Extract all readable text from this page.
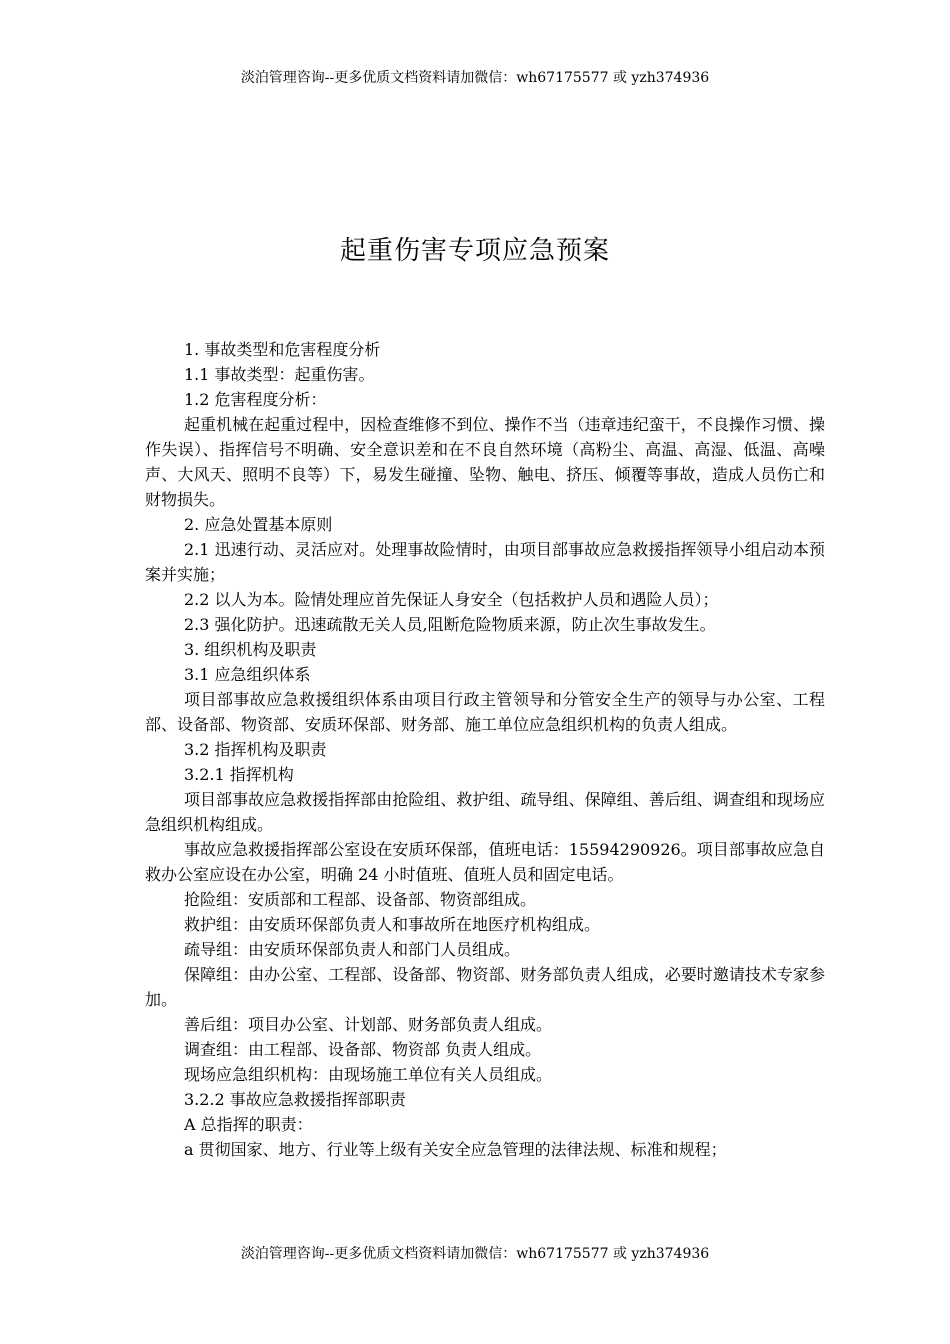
淡泊管理咨询--更多优质文档资料请加微信：wh67175577 或 yzh374936
起重伤害专项应急预案

1. 事故类型和危害程度分析

1.1 事故类型：起重伤害。

1.2 危害程度分析：

起重机械在起重过程中，因检查维修不到位、操作不当（违章违纪蛮干，不良操作习惯、操作失误）、指挥信号不明确、安全意识差和在不良自然环境（高粉尘、高温、高湿、低温、高噪声、大风天、照明不良等）下，易发生碰撞、坠物、触电、挤压、倾覆等事故，造成人员伤亡和财物损失。

2. 应急处置基本原则

2.1 迅速行动、灵活应对。处理事故险情时，由项目部事故应急救援指挥领导小组启动本预案并实施；

2.2 以人为本。险情处理应首先保证人身安全（包括救护人员和遇险人员）；

2.3 强化防护。迅速疏散无关人员,阻断危险物质来源，防止次生事故发生。

3. 组织机构及职责

3.1 应急组织体系

项目部事故应急救援组织体系由项目行政主管领导和分管安全生产的领导与办公室、工程部、设备部、物资部、安质环保部、财务部、施工单位应急组织机构的负责人组成。

3.2 指挥机构及职责

3.2.1 指挥机构

项目部事故应急救援指挥部由抢险组、救护组、疏导组、保障组、善后组、调查组和现场应急组织机构组成。

事故应急救援指挥部公室设在安质环保部，值班电话：15594290926。项目部事故应急自救办公室应设在办公室，明确 24 小时值班、值班人员和固定电话。

抢险组：安质部和工程部、设备部、物资部组成。

救护组：由安质环保部负责人和事故所在地医疗机构组成。

疏导组：由安质环保部负责人和部门人员组成。

保障组：由办公室、工程部、设备部、物资部、财务部负责人组成，必要时邀请技术专家参加。

善后组：项目办公室、计划部、财务部负责人组成。

调查组：由工程部、设备部、物资部 负责人组成。

现场应急组织机构：由现场施工单位有关人员组成。

3.2.2 事故应急救援指挥部职责

A 总指挥的职责：

a 贯彻国家、地方、行业等上级有关安全应急管理的法律法规、标准和规程；

淡泊管理咨询--更多优质文档资料请加微信：wh67175577 或 yzh374936
